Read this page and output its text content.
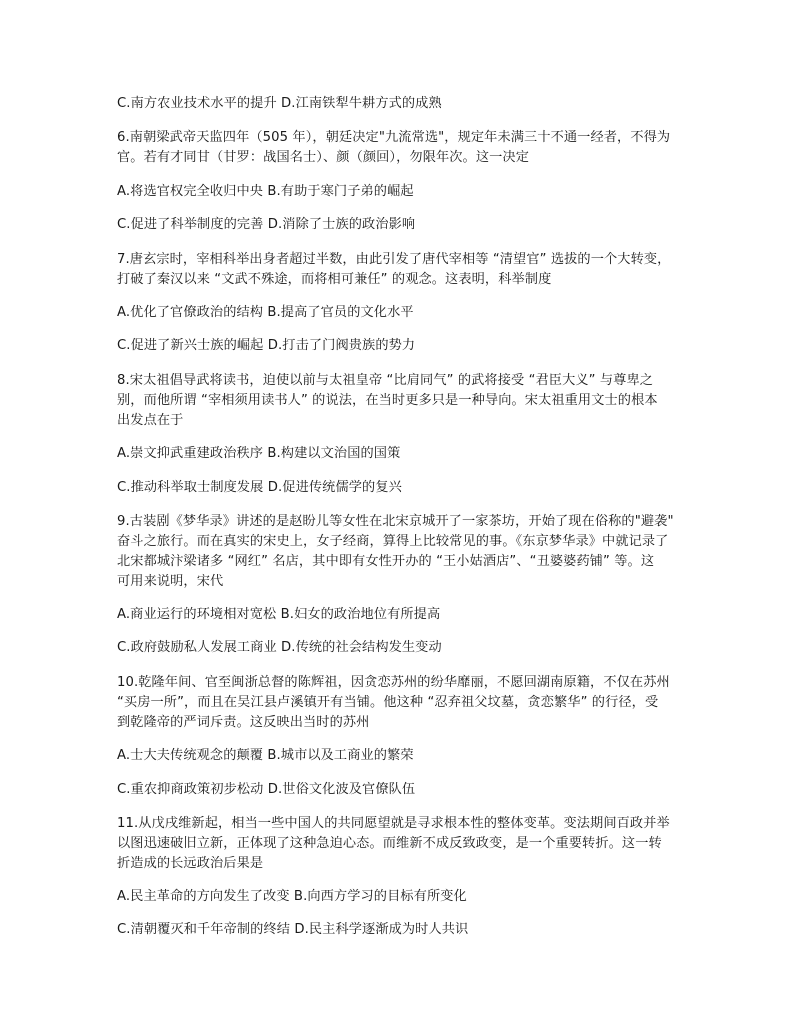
C.南方农业技术水平的提升 D.江南铁犁牛耕方式的成熟
6.南朝梁武帝天监四年（505 年），朝廷决定"九流常选"，规定年未满三十不通一经者，不得为
官。若有才同甘（甘罗：战国名士）、颜（颜回），勿限年次。这一决定
A.将选官权完全收归中央 B.有助于寒门子弟的崛起
C.促进了科举制度的完善 D.消除了士族的政治影响
7.唐玄宗时，宰相科举出身者超过半数，由此引发了唐代宰相等 “清望官” 选拔的一个大转变，
打破了秦汉以来 “文武不殊途，而将相可兼任” 的观念。这表明，科举制度
A.优化了官僚政治的结构 B.提高了官员的文化水平
C.促进了新兴士族的崛起 D.打击了门阀贵族的势力
8.宋太祖倡导武将读书，迫使以前与太祖皇帝 “比肩同气” 的武将接受 “君臣大义” 与尊卑之
别，而他所谓 “宰相须用读书人” 的说法，在当时更多只是一种导向。宋太祖重用文士的根本
出发点在于
A.崇文抑武重建政治秩序 B.构建以文治国的国策
C.推动科举取士制度发展 D.促进传统儒学的复兴
9.古装剧《梦华录》讲述的是赵盼儿等女性在北宋京城开了一家茶坊，开始了现在俗称的"避袭"
奋斗之旅行。而在真实的宋史上，女子经商，算得上比较常见的事。《东京梦华录》中就记录了
北宋都城汴梁诸多 “网红” 名店，其中即有女性开办的 “王小姑酒店”、“丑婆婆药铺” 等。这
可用来说明，宋代
A.商业运行的环境相对宽松 B.妇女的政治地位有所提高
C.政府鼓励私人发展工商业 D.传统的社会结构发生变动
10.乾隆年间、官至闽浙总督的陈辉祖，因贪恋苏州的纷华靡丽，不愿回湖南原籍，不仅在苏州
“买房一所”，而且在吴江县卢溪镇开有当铺。他这种 “忍弃祖父坟墓，贪恋繁华” 的行径，受
到乾隆帝的严词斥责。这反映出当时的苏州
A.士大夫传统观念的颠覆 B.城市以及工商业的繁荣
C.重农抑商政策初步松动 D.世俗文化波及官僚队伍
11.从戊戌维新起，相当一些中国人的共同愿望就是寻求根本性的整体变革。变法期间百政并举
以图迅速破旧立新，正体现了这种急迫心态。而维新不成反致政变，是一个重要转折。这一转
折造成的长远政治后果是
A.民主革命的方向发生了改变 B.向西方学习的目标有所变化
C.清朝覆灭和千年帝制的终结 D.民主科学逐渐成为时人共识
